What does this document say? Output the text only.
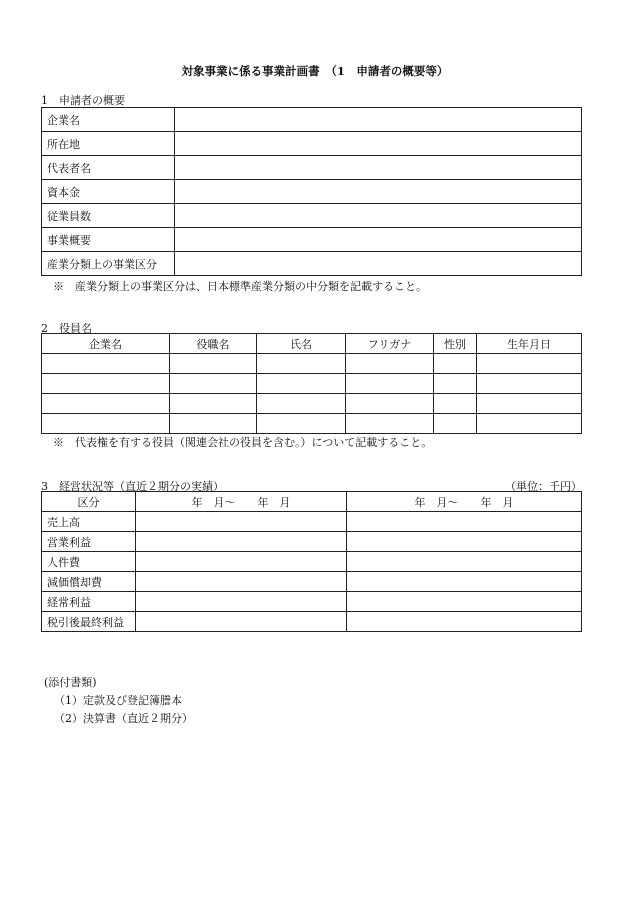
対象事業に係る事業計画書　（1　申請者の概要等）
1　申請者の概要
企業名	
所在地	
代表者名	
資本金	
従業員数	
事業概要	
産業分類上の事業区分	
※　産業分類上の事業区分は、日本標準産業分類の中分類を記載すること。
2　役員名
企業名	役職名	氏名	フリガナ	性別	生年月日

※　代表権を有する役員（関連会社の役員を含む。）について記載すること。
3　経営状況等（直近２期分の実績）	（単位：千円）
区分	年　月～　　年　月	年　月～　　年　月
売上高		
営業利益		
人件費		
減価償却費		
経常利益		
税引後最終利益		
(添付書類)
（1）定款及び登記簿謄本
（2）決算書（直近２期分）
